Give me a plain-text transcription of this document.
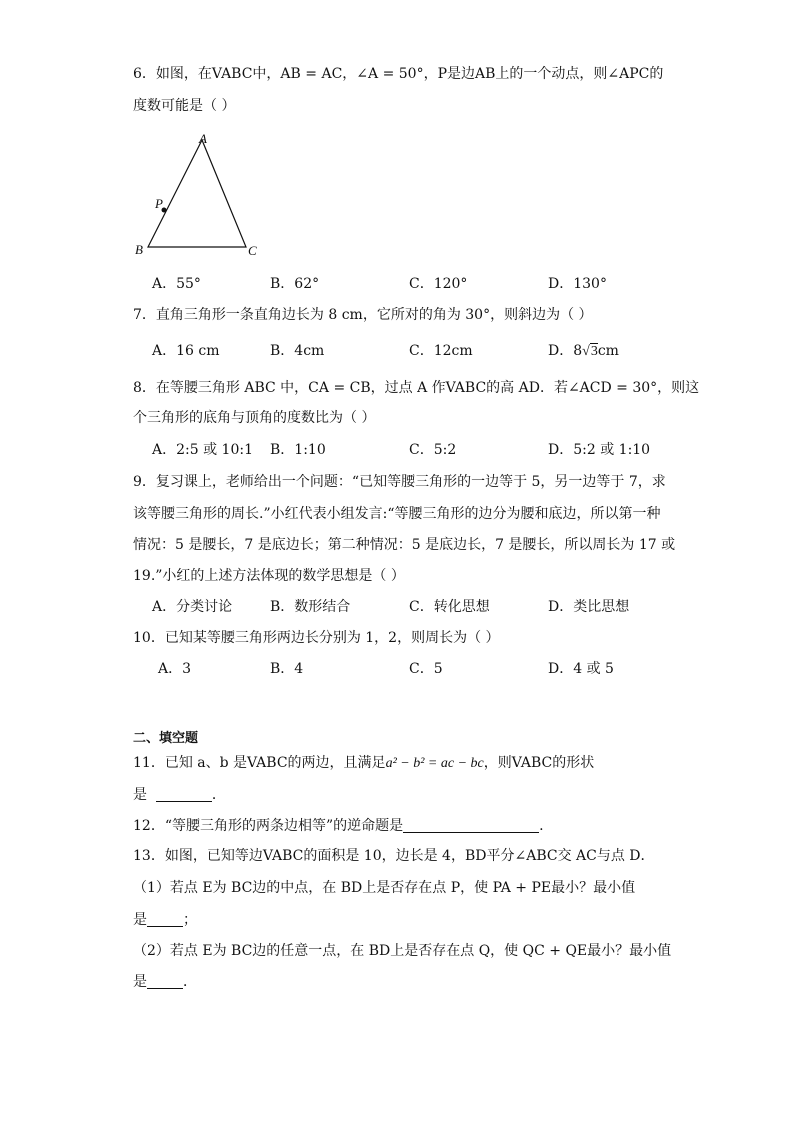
6．如图，在VABC中，AB = AC，∠A = 50°，P是边AB上的一个动点，则∠APC的
度数可能是（ ）
A
B	C
P
A．55°	B．62°	C．120°	D．130°
7．直角三角形一条直角边长为 8 cm，它所对的角为 30°，则斜边为（ ）
A．16 cm	B．4cm	C．12cm	D．8√3cm
8．在等腰三角形 ABC 中，CA = CB，过点 A 作VABC的高 AD．若∠ACD = 30°，则这
个三角形的底角与顶角的度数比为（ ）
A．2:5 或 10:1 B．1:10	C．5:2	D．5:2 或 1:10
9．复习课上，老师给出一个问题：“已知等腰三角形的一边等于 5，另一边等于 7，求
该等腰三角形的周长.”小红代表小组发言:“等腰三角形的边分为腰和底边，所以第一种
情况：5 是腰长，7 是底边长；第二种情况：5 是底边长，7 是腰长，所以周长为 17 或
19.”小红的上述方法体现的数学思想是（ ）
A．分类讨论	B．数形结合	C．转化思想	D．类比思想
10．已知某等腰三角形两边长分别为 1，2，则周长为（ ）
A．3	B．4	C．5	D．4 或 5
二、填空题
11．已知 a、b 是VABC的两边，且满足a² − b² = ac − bc，则VABC的形状
是	．
12．“等腰三角形的两条边相等”的逆命题是	.
13．如图，已知等边VABC的面积是 10，边长是 4，BD平分∠ABC交 AC与点 D．
（1）若点 E为 BC边的中点，在 BD上是否存在点 P，使 PA + PE最小？最小值
是	；
（2）若点 E为 BC边的任意一点，在 BD上是否存在点 Q，使 QC + QE最小？最小值
是	．
